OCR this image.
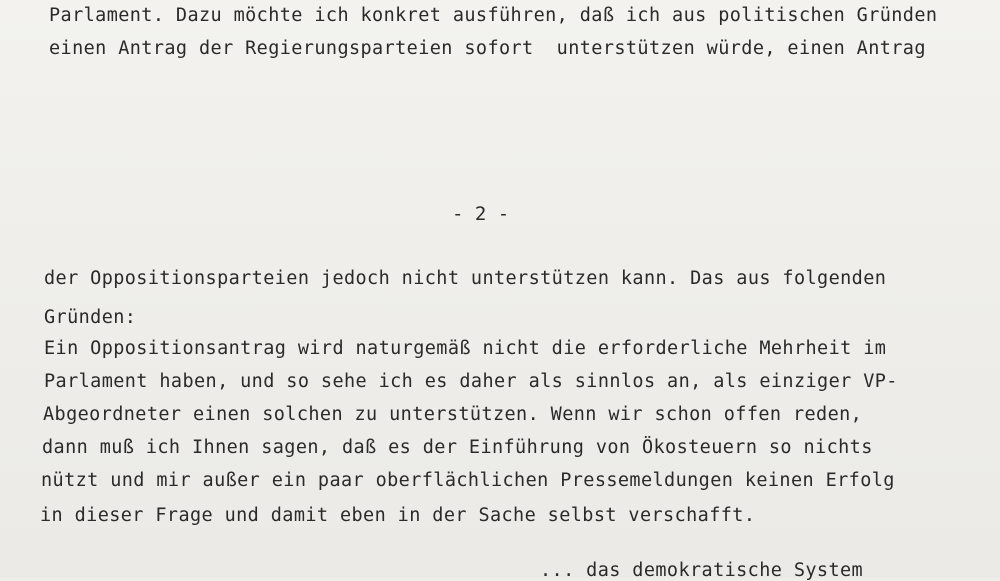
Parlament. Dazu möchte ich konkret ausführen, daß ich aus politischen Gründen
einen Antrag der Regierungsparteien sofort  unterstützen würde, einen Antrag
- 2 -
der Oppositionsparteien jedoch nicht unterstützen kann. Das aus folgenden
Gründen:
Ein Oppositionsantrag wird naturgemäß nicht die erforderliche Mehrheit im
Parlament haben, und so sehe ich es daher als sinnlos an, als einziger VP-
Abgeordneter einen solchen zu unterstützen. Wenn wir schon offen reden,
dann muß ich Ihnen sagen, daß es der Einführung von Ökosteuern so nichts
nützt und mir außer ein paar oberflächlichen Pressemeldungen keinen Erfolg
in dieser Frage und damit eben in der Sache selbst verschafft.
... das demokratische System
